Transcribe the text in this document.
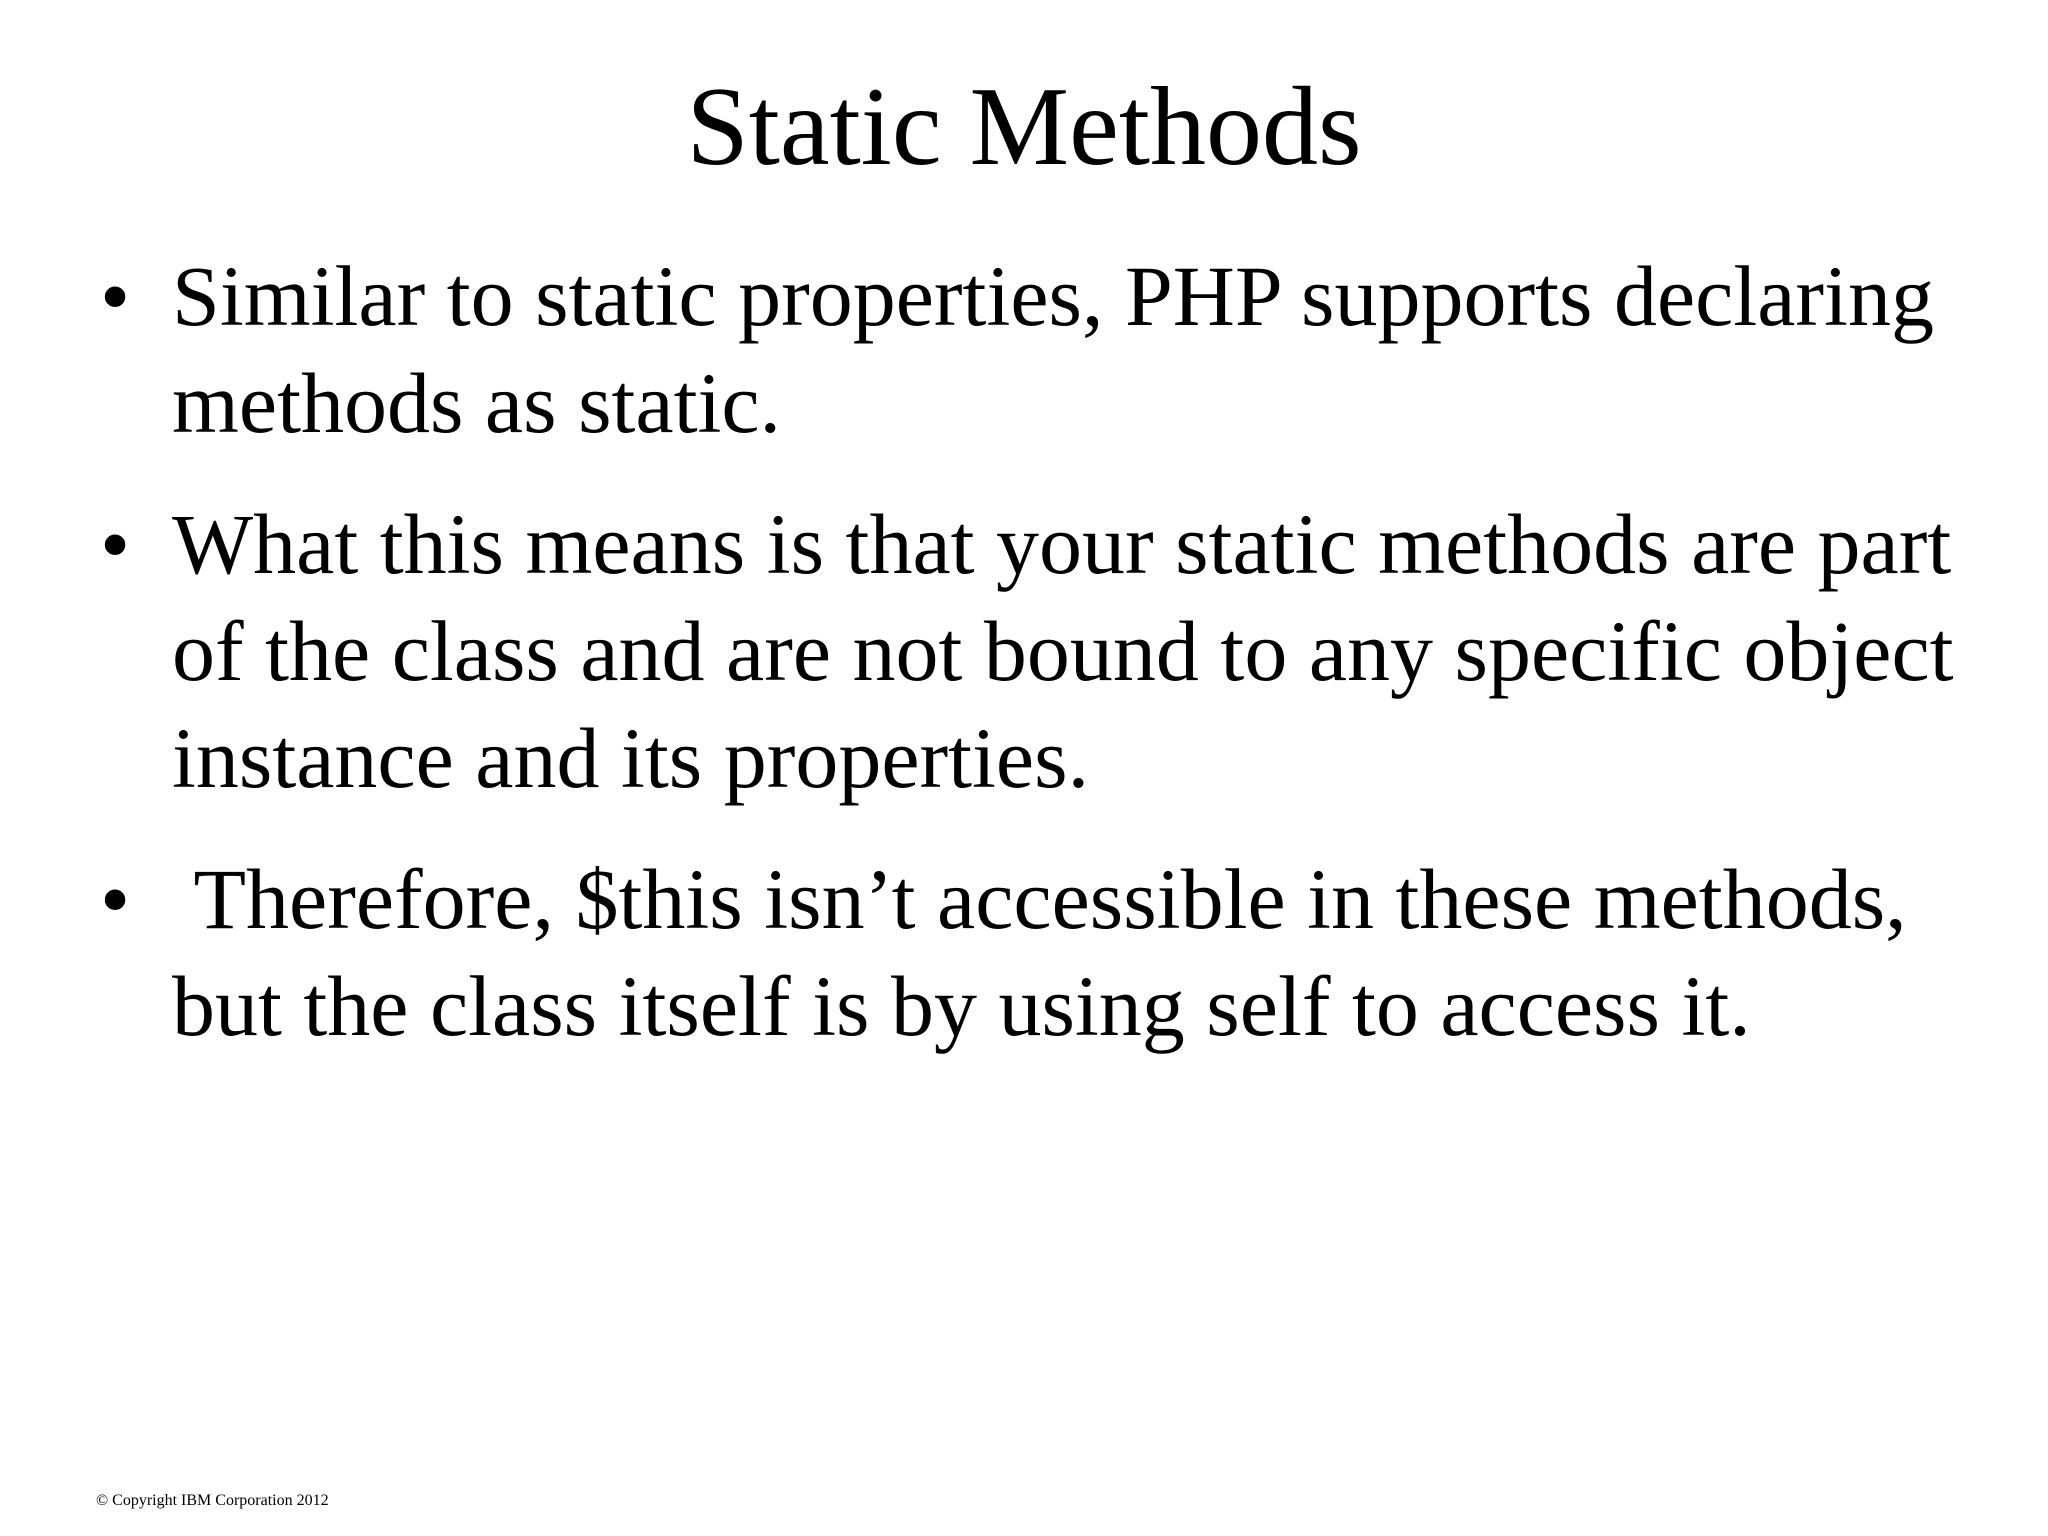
Static Methods
• Similar to static properties, PHP supports declaring methods as static.
• What this means is that your static methods are part of the class and are not bound to any specific object instance and its properties.
• Therefore, $this isn’t accessible in these methods, but the class itself is by using self to access it.
© Copyright IBM Corporation 2012
